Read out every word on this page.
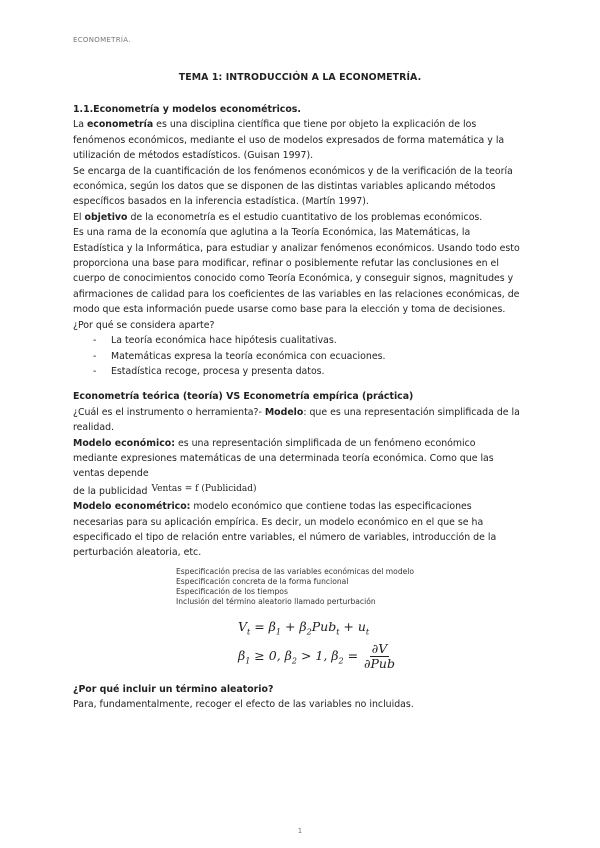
ECONOMETRÍA.
TEMA 1: INTRODUCCIÓN A LA ECONOMETRÍA.

1.1.Econometría y modelos econométricos.

La econometría es una disciplina científica que tiene por objeto la explicación de los fenómenos económicos, mediante el uso de modelos expresados de forma matemática y la utilización de métodos estadísticos. (Guisan 1997).

Se encarga de la cuantificación de los fenómenos económicos y de la verificación de la teoría económica, según los datos que se disponen de las distintas variables aplicando métodos específicos basados en la inferencia estadística. (Martín 1997).

El objetivo de la econometría es el estudio cuantitativo de los problemas económicos.

Es una rama de la economía que aglutina a la Teoría Económica, las Matemáticas, la Estadística y la Informática, para estudiar y analizar fenómenos económicos. Usando todo esto proporciona una base para modificar, refinar o posiblemente refutar las conclusiones en el cuerpo de conocimientos conocido como Teoría Económica, y conseguir signos, magnitudes y afirmaciones de calidad para los coeficientes de las variables en las relaciones económicas, de modo que esta información puede usarse como base para la elección y toma de decisiones.

¿Por qué se considera aparte?

- La teoría económica hace hipótesis cualitativas.
- Matemáticas expresa la teoría económica con ecuaciones.
- Estadística recoge, procesa y presenta datos.

Econometría teórica (teoría) VS Econometría empírica (práctica)

¿Cuál es el instrumento o herramienta?- Modelo: que es una representación simplificada de la realidad.

Modelo económico: es una representación simplificada de un fenómeno económico mediante expresiones matemáticas de una determinada teoría económica. Como que las ventas depende

de la publicidad Ventas = f (Publicidad)

Modelo econométrico: modelo económico que contiene todas las especificaciones necesarias para su aplicación empírica. Es decir, un modelo económico en el que se ha especificado el tipo de relación entre variables, el número de variables, introducción de la perturbación aleatoria, etc.

Especificación precisa de las variables económicas del modelo
Especificación concreta de la forma funcional
Especificación de los tiempos
Inclusión del término aleatorio llamado perturbación
$V_t = \beta_1 + \beta_2Pub_t + u_t$
$\beta_1 \ge 0$, $\beta_2 > 1$, $\beta_2 = \frac{\partial V}{\text{∂Pub}}$

¿Por qué incluir un término aleatorio?

Para, fundamentalmente, recoger el efecto de las variables no incluidas.

1
